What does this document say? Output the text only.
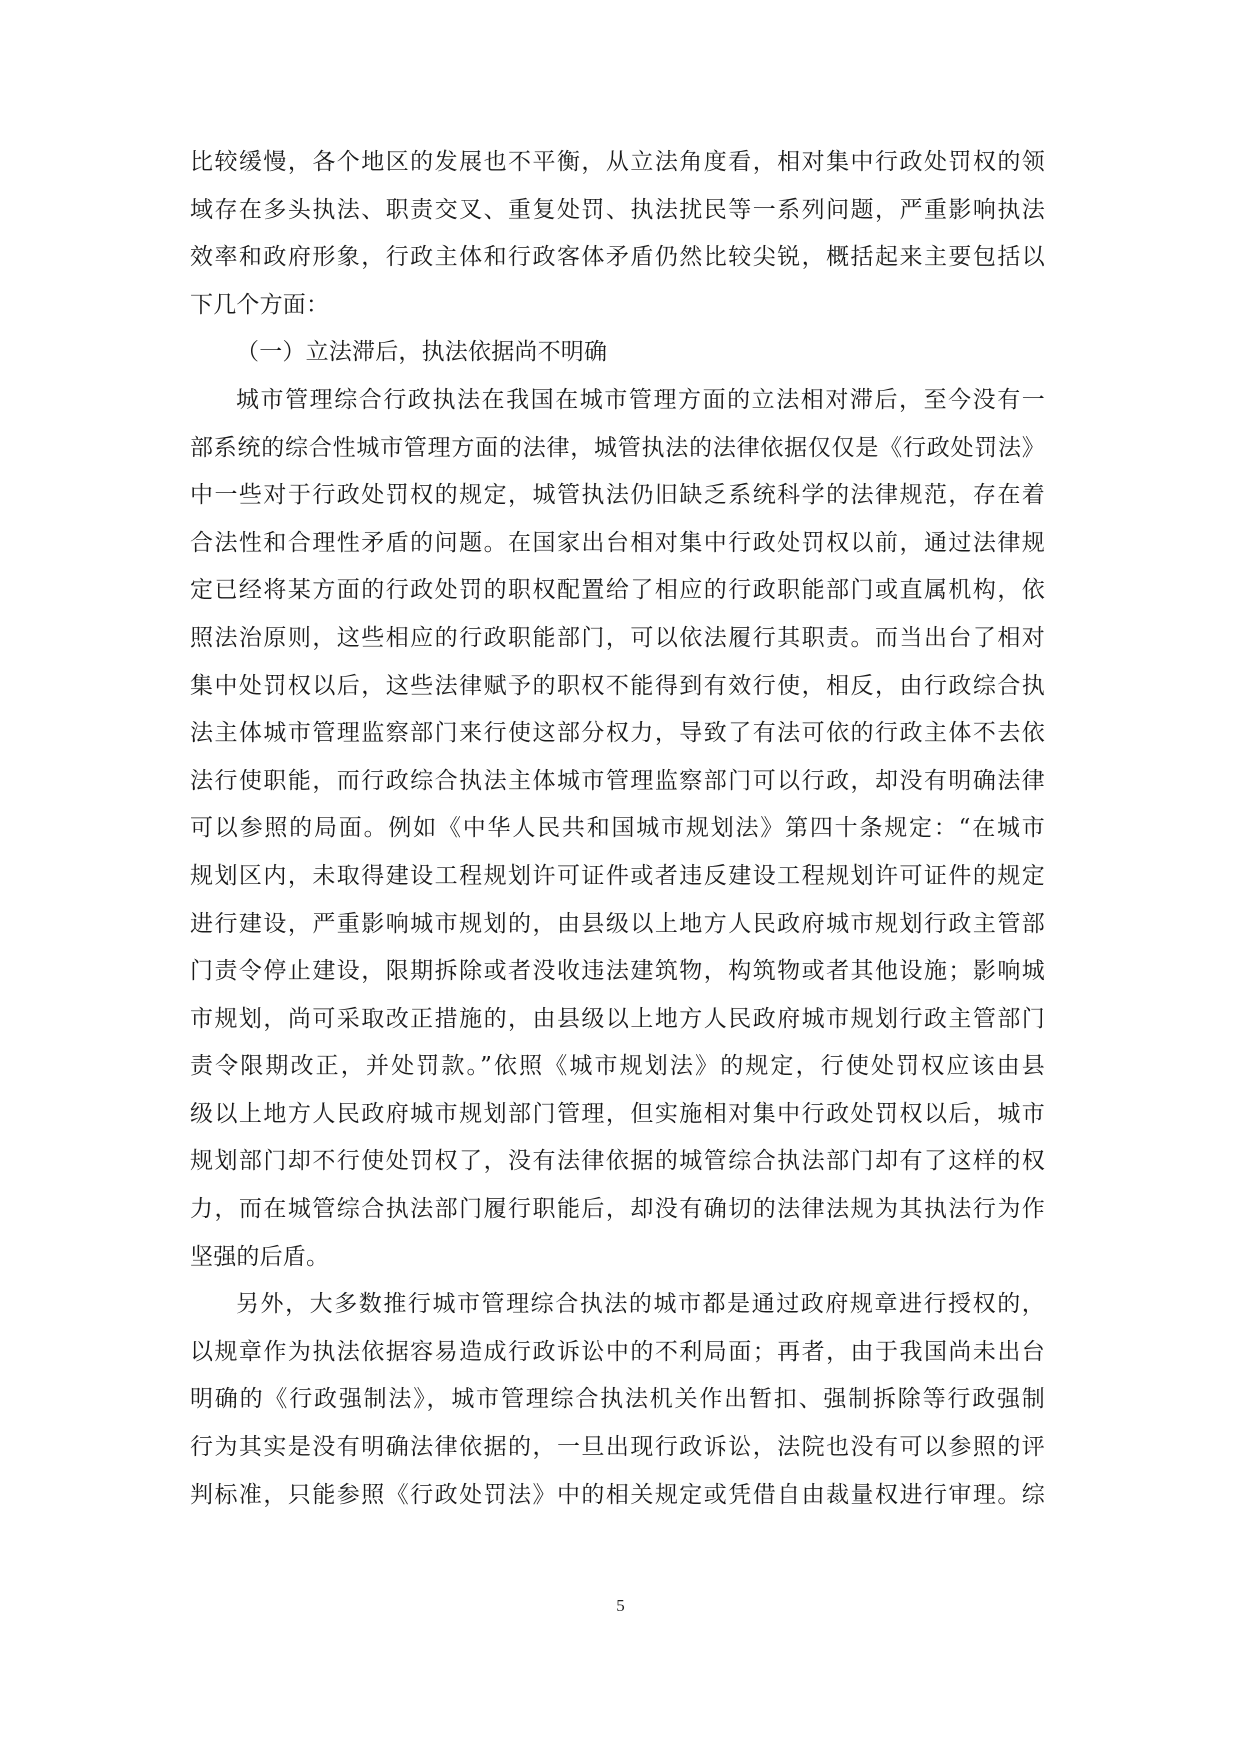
比较缓慢，各个地区的发展也不平衡，从立法角度看，相对集中行政处罚权的领
域存在多头执法、职责交叉、重复处罚、执法扰民等一系列问题，严重影响执法
效率和政府形象，行政主体和行政客体矛盾仍然比较尖锐，概括起来主要包括以
下几个方面：
（一）立法滞后，执法依据尚不明确
城市管理综合行政执法在我国在城市管理方面的立法相对滞后，至今没有一
部系统的综合性城市管理方面的法律，城管执法的法律依据仅仅是《行政处罚法》
中一些对于行政处罚权的规定，城管执法仍旧缺乏系统科学的法律规范，存在着
合法性和合理性矛盾的问题。在国家出台相对集中行政处罚权以前，通过法律规
定已经将某方面的行政处罚的职权配置给了相应的行政职能部门或直属机构，依
照法治原则，这些相应的行政职能部门，可以依法履行其职责。而当出台了相对
集中处罚权以后，这些法律赋予的职权不能得到有效行使，相反，由行政综合执
法主体城市管理监察部门来行使这部分权力，导致了有法可依的行政主体不去依
法行使职能，而行政综合执法主体城市管理监察部门可以行政，却没有明确法律
可以参照的局面。例如《中华人民共和国城市规划法》第四十条规定：“在城市
规划区内，未取得建设工程规划许可证件或者违反建设工程规划许可证件的规定
进行建设，严重影响城市规划的，由县级以上地方人民政府城市规划行政主管部
门责令停止建设，限期拆除或者没收违法建筑物，构筑物或者其他设施；影响城
市规划，尚可采取改正措施的，由县级以上地方人民政府城市规划行政主管部门
责令限期改正，并处罚款。”依照《城市规划法》的规定，行使处罚权应该由县
级以上地方人民政府城市规划部门管理，但实施相对集中行政处罚权以后，城市
规划部门却不行使处罚权了，没有法律依据的城管综合执法部门却有了这样的权
力，而在城管综合执法部门履行职能后，却没有确切的法律法规为其执法行为作
坚强的后盾。
另外，大多数推行城市管理综合执法的城市都是通过政府规章进行授权的，
以规章作为执法依据容易造成行政诉讼中的不利局面；再者，由于我国尚未出台
明确的《行政强制法》，城市管理综合执法机关作出暂扣、强制拆除等行政强制
行为其实是没有明确法律依据的，一旦出现行政诉讼，法院也没有可以参照的评
判标准，只能参照《行政处罚法》中的相关规定或凭借自由裁量权进行审理。综
5
